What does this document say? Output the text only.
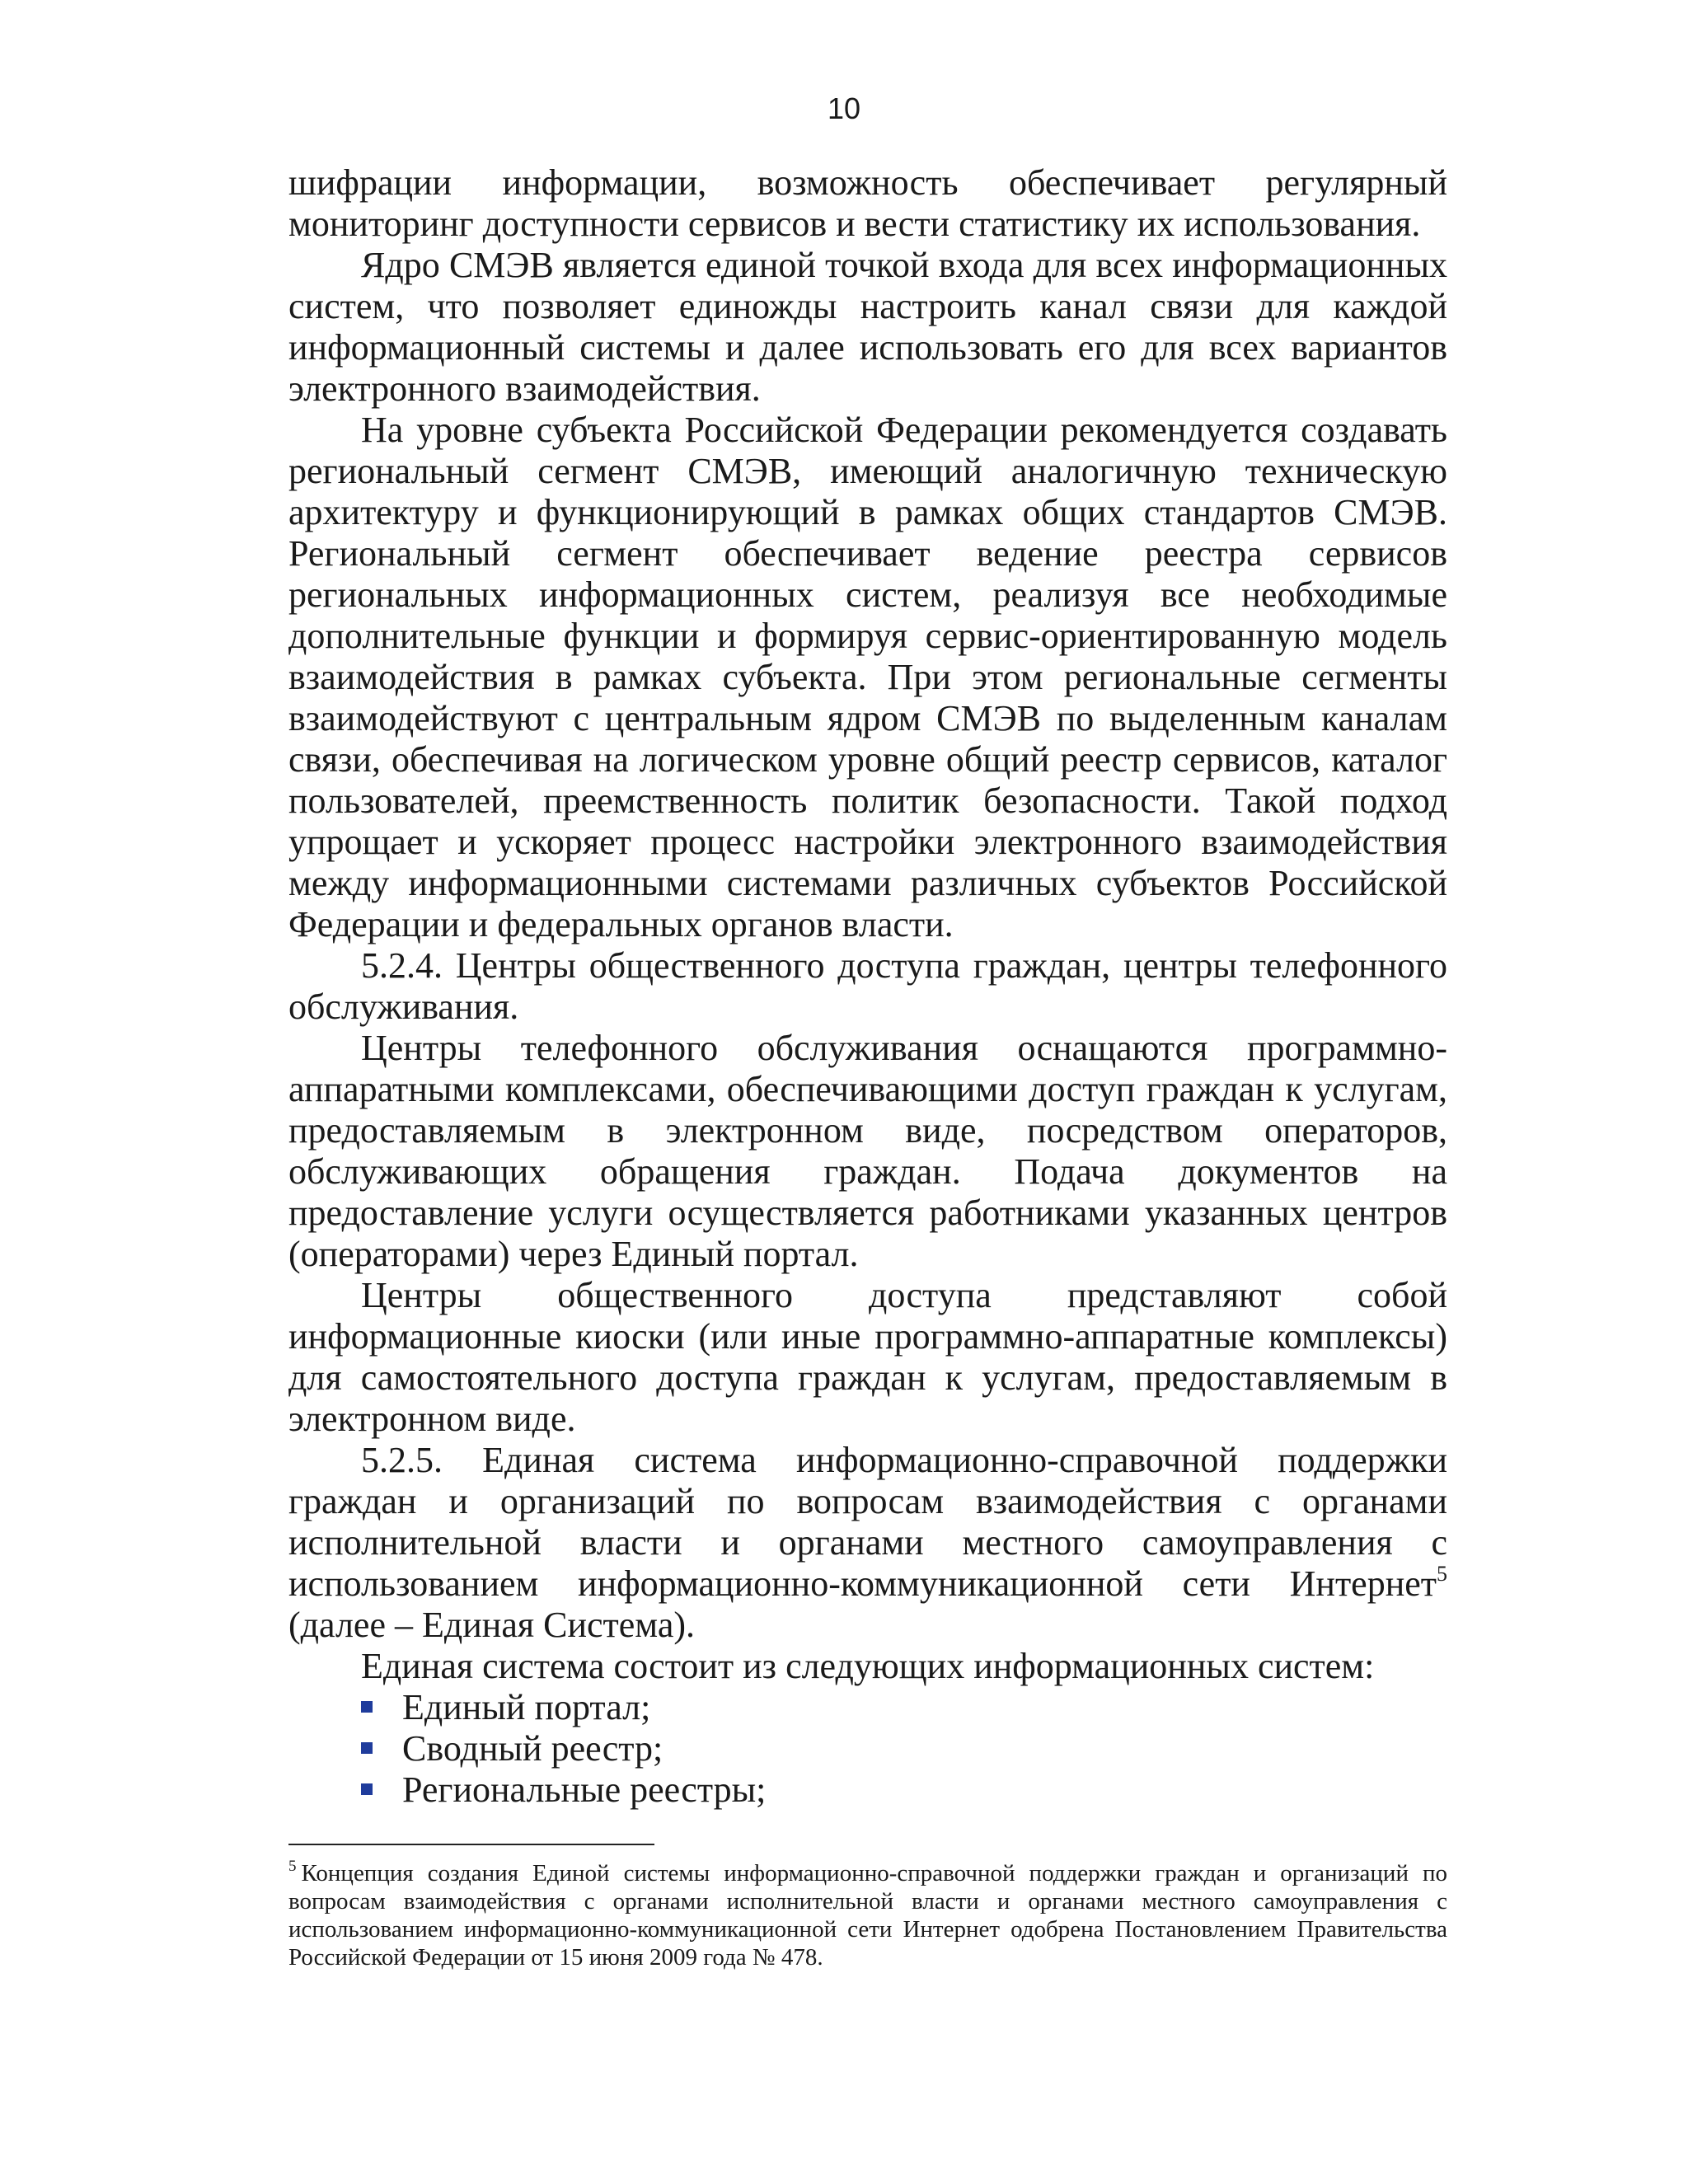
10

шифрации информации, возможность обеспечивает регулярный мониторинг доступности сервисов и вести статистику их использования.

Ядро СМЭВ является единой точкой входа для всех информационных систем, что позволяет единожды настроить канал связи для каждой информационный системы и далее использовать его для всех вариантов электронного взаимодействия.

На уровне субъекта Российской Федерации рекомендуется создавать региональный сегмент СМЭВ, имеющий аналогичную техническую архитектуру и функционирующий в рамках общих стандартов СМЭВ. Региональный сегмент обеспечивает ведение реестра сервисов региональных информационных систем, реализуя все необходимые дополнительные функции и формируя сервис-ориентированную модель взаимодействия в рамках субъекта. При этом региональные сегменты взаимодействуют с центральным ядром СМЭВ по выделенным каналам связи, обеспечивая на логическом уровне общий реестр сервисов, каталог пользователей, преемственность политик безопасности. Такой подход упрощает и ускоряет процесс настройки электронного взаимодействия между информационными системами различных субъектов Российской Федерации и федеральных органов власти.

5.2.4. Центры общественного доступа граждан, центры телефонного обслуживания.

Центры телефонного обслуживания оснащаются программно-аппаратными комплексами, обеспечивающими доступ граждан к услугам, предоставляемым в электронном виде, посредством операторов, обслуживающих обращения граждан. Подача документов на предоставление услуги осуществляется работниками указанных центров (операторами) через Единый портал.

Центры общественного доступа представляют собой информационные киоски (или иные программно-аппаратные комплексы) для самостоятельного доступа граждан к услугам, предоставляемым в электронном виде.

5.2.5. Единая система информационно-справочной поддержки граждан и организаций по вопросам взаимодействия с органами исполнительной власти и органами местного самоуправления с использованием информационно-коммуникационной сети Интернет$^5$ (далее – Единая Система).

Единая система состоит из следующих информационных систем:

Единый портал;
Сводный реестр;
Региональные реестры;

$^5$ Концепция создания Единой системы информационно-справочной поддержки граждан и организаций по вопросам взаимодействия с органами исполнительной власти и органами местного самоуправления с использованием информационно-коммуникационной сети Интернет одобрена Постановлением Правительства Российской Федерации от 15 июня 2009 года № 478.
